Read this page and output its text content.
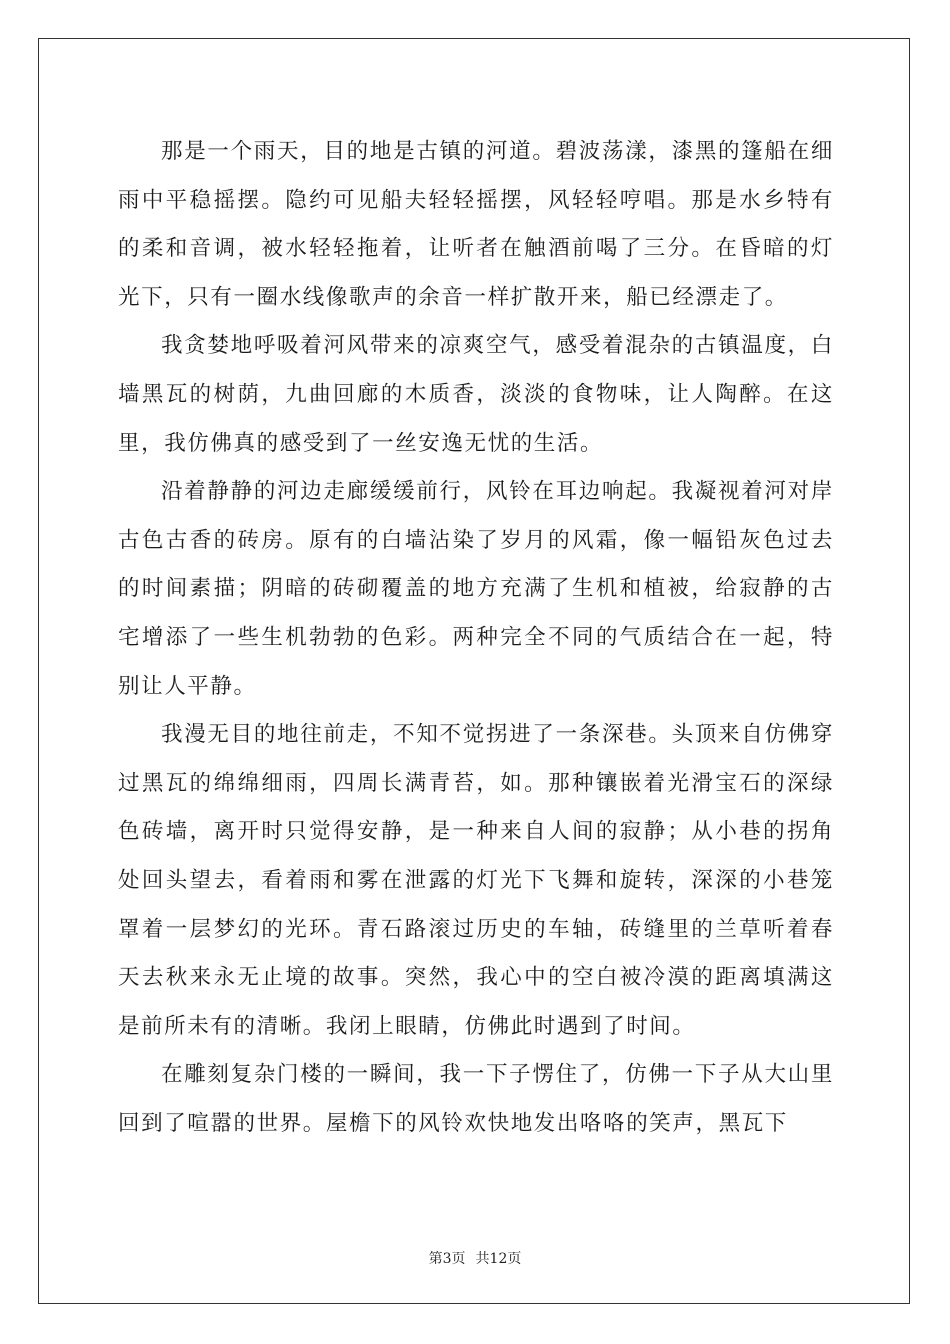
那是一个雨天，目的地是古镇的河道。碧波荡漾，漆黑的篷船在细雨中平稳摇摆。隐约可见船夫轻轻摇摆，风轻轻哼唱。那是水乡特有的柔和音调，被水轻轻拖着，让听者在触酒前喝了三分。在昏暗的灯光下，只有一圈水线像歌声的余音一样扩散开来，船已经漂走了。

我贪婪地呼吸着河风带来的凉爽空气，感受着混杂的古镇温度，白墙黑瓦的树荫，九曲回廊的木质香，淡淡的食物味，让人陶醉。在这里，我仿佛真的感受到了一丝安逸无忧的生活。

沿着静静的河边走廊缓缓前行，风铃在耳边响起。我凝视着河对岸古色古香的砖房。原有的白墙沾染了岁月的风霜，像一幅铅灰色过去的时间素描；阴暗的砖砌覆盖的地方充满了生机和植被，给寂静的古宅增添了一些生机勃勃的色彩。两种完全不同的气质结合在一起，特别让人平静。

我漫无目的地往前走，不知不觉拐进了一条深巷。头顶来自仿佛穿过黑瓦的绵绵细雨，四周长满青苔，如。那种镶嵌着光滑宝石的深绿色砖墙，离开时只觉得安静，是一种来自人间的寂静；从小巷的拐角处回头望去，看着雨和雾在泄露的灯光下飞舞和旋转，深深的小巷笼罩着一层梦幻的光环。青石路滚过历史的车轴，砖缝里的兰草听着春天去秋来永无止境的故事。突然，我心中的空白被冷漠的距离填满这是前所未有的清晰。我闭上眼睛，仿佛此时遇到了时间。

在雕刻复杂门楼的一瞬间，我一下子愣住了，仿佛一下子从大山里回到了喧嚣的世界。屋檐下的风铃欢快地发出咯咯的笑声，黑瓦下

第3页 共12页
